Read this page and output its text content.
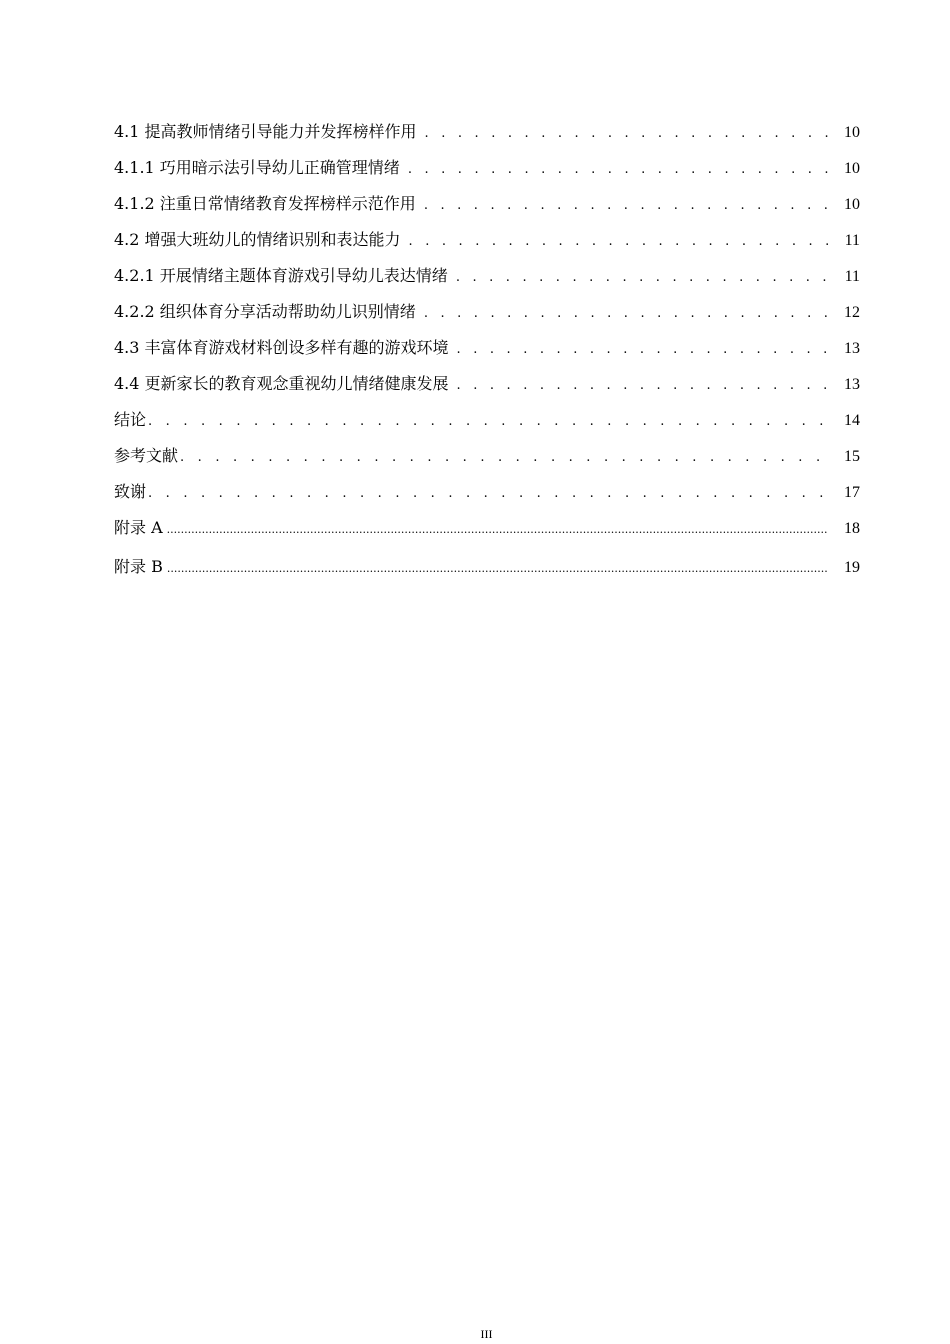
4.1 提高教师情绪引导能力并发挥榜样作用 . . .	10
4.1.1 巧用暗示法引导幼儿正确管理情绪 . . .	10
4.1.2 注重日常情绪教育发挥榜样示范作用 . . .	10
4.2 增强大班幼儿的情绪识别和表达能力 . . .	11
4.2.1 开展情绪主题体育游戏引导幼儿表达情绪 . . .	11
4.2.2 组织体育分享活动帮助幼儿识别情绪 . . .	12
4.3 丰富体育游戏材料创设多样有趣的游戏环境 . . .	13
4.4 更新家长的教育观念重视幼儿情绪健康发展 . . .	13
结论 . . .	14
参考文献 . . .	15
致谢 . . .	17
附录 A .....	18
附录 B .....	19
III
